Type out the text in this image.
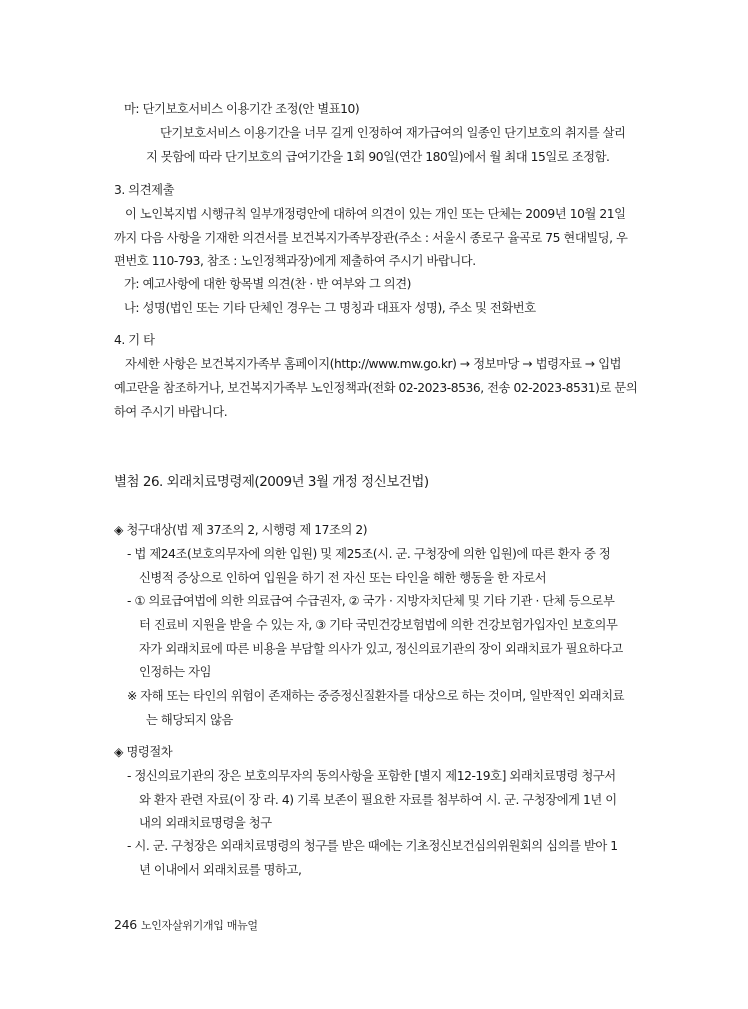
마: 단기보호서비스 이용기간 조정(안 별표10)
단기보호서비스 이용기간을 너무 길게 인정하여 재가급여의 일종인 단기보호의 취지를 살리
지 못함에 따라 단기보호의 급여기간을 1회 90일(연간 180일)에서 월 최대 15일로 조정함.
3. 의견제출
이 노인복지법 시행규칙 일부개정령안에 대하여 의견이 있는 개인 또는 단체는 2009년 10월 21일
까지 다음 사항을 기재한 의견서를 보건복지가족부장관(주소 : 서울시 종로구 율곡로 75 현대빌딩, 우
편번호 110-793, 참조 : 노인정책과장)에게 제출하여 주시기 바랍니다.
가: 예고사항에 대한 항목별 의견(찬 · 반 여부와 그 의견)
나: 성명(법인 또는 기타 단체인 경우는 그 명칭과 대표자 성명), 주소 및 전화번호
4. 기 타
자세한 사항은 보건복지가족부 홈페이지(http://www.mw.go.kr) → 정보마당 → 법령자료 → 입법
예고란을 참조하거나, 보건복지가족부 노인정책과(전화 02-2023-8536, 전송 02-2023-8531)로 문의
하여 주시기 바랍니다.
별첨 26. 외래치료명령제(2009년 3월 개정 정신보건법)
◈ 청구대상(법 제 37조의 2, 시행령 제 17조의 2)
- 법 제24조(보호의무자에 의한 입원) 및 제25조(시. 군. 구청장에 의한 입원)에 따른 환자 중 정
신병적 증상으로 인하여 입원을 하기 전 자신 또는 타인을 해한 행동을 한 자로서
- ① 의료급여법에 의한 의료급여 수급권자, ② 국가 · 지방자치단체 및 기타 기관 · 단체 등으로부
터 진료비 지원을 받을 수 있는 자, ③ 기타 국민건강보험법에 의한 건강보험가입자인 보호의무
자가 외래치료에 따른 비용을 부담할 의사가 있고, 정신의료기관의 장이 외래치료가 필요하다고
인정하는 자임
※ 자해 또는 타인의 위험이 존재하는 중증정신질환자를 대상으로 하는 것이며, 일반적인 외래치료
는 해당되지 않음
◈ 명령절차
- 정신의료기관의 장은 보호의무자의 동의사항을 포함한 [별지 제12-19호] 외래치료명령 청구서
와 환자 관련 자료(이 장 라. 4) 기록 보존이 필요한 자료를 첨부하여 시. 군. 구청장에게 1년 이
내의 외래치료명령을 청구
- 시. 군. 구청장은 외래치료명령의 청구를 받은 때에는 기초정신보건심의위원회의 심의를 받아 1
년 이내에서 외래치료를 명하고,
246 노인자살위기개입 매뉴얼
